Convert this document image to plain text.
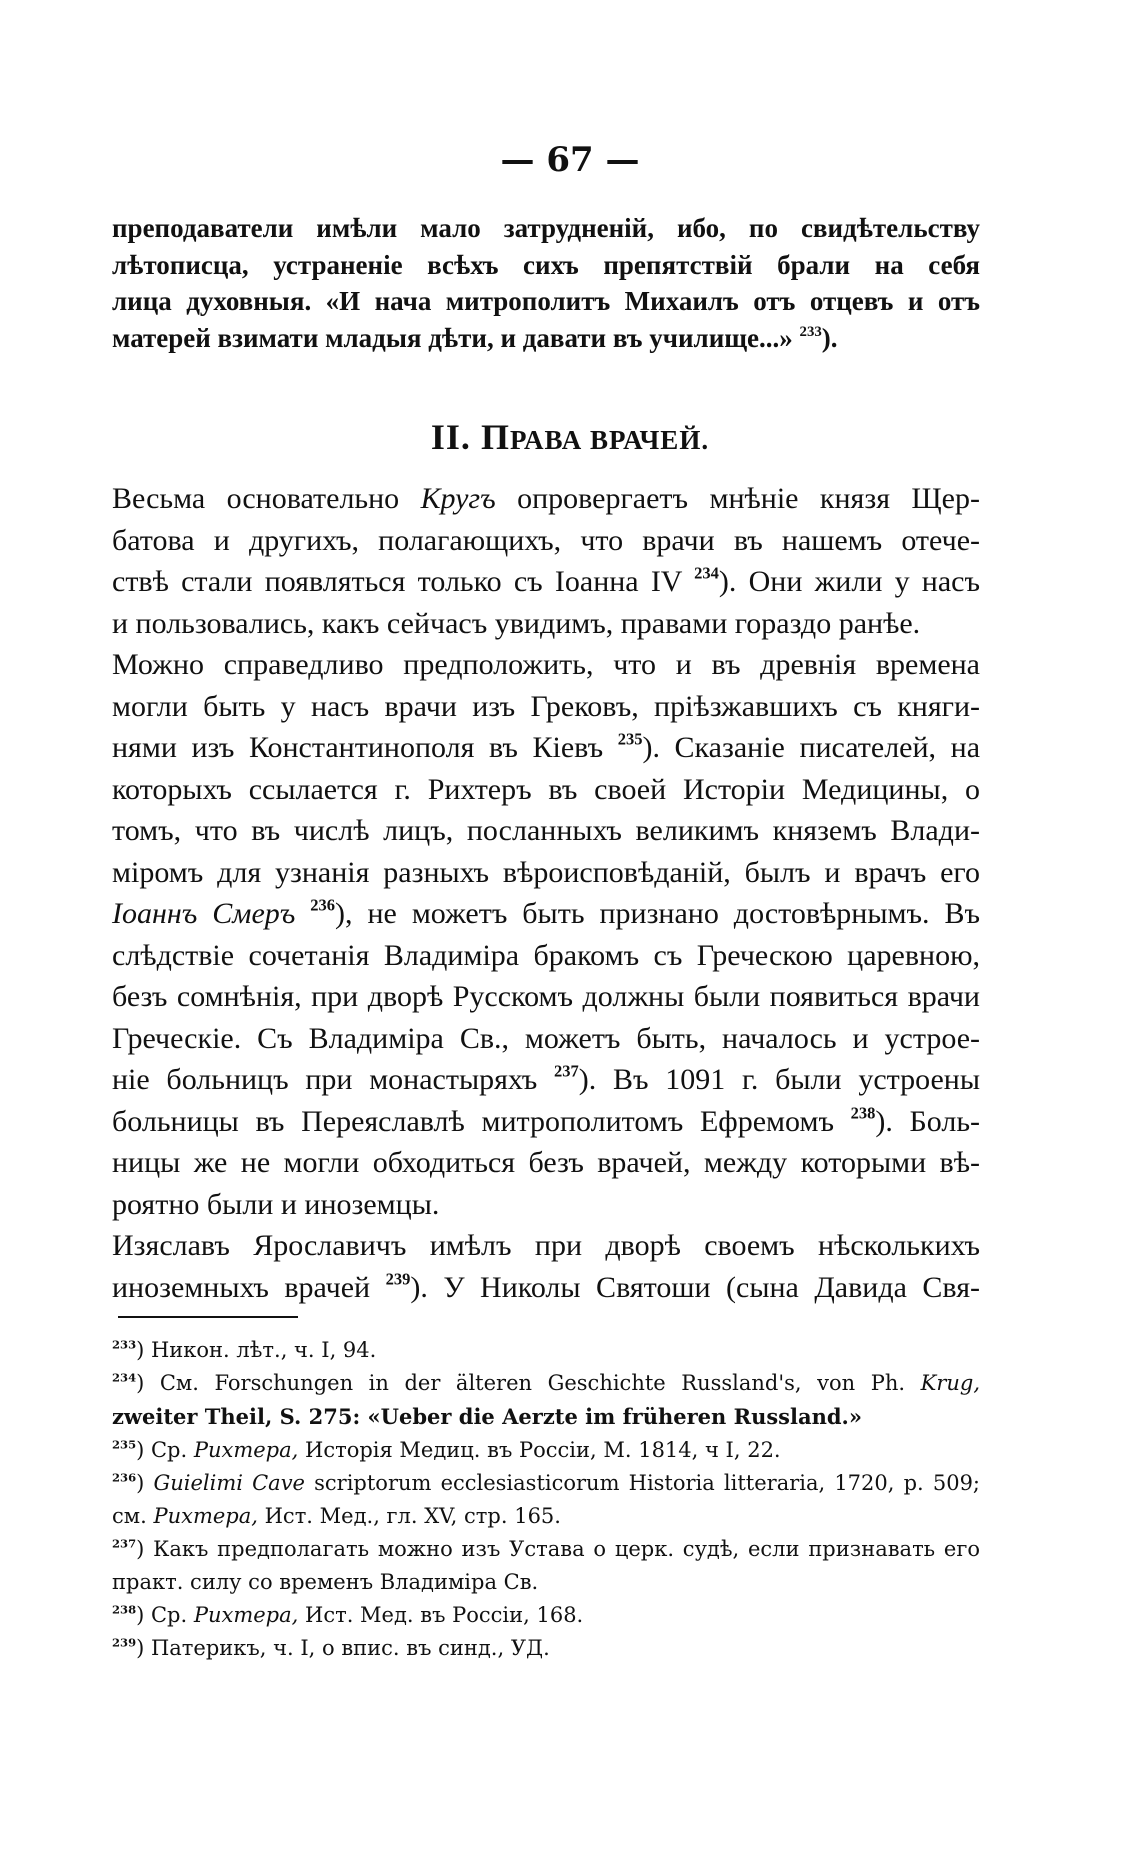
— 67 —
преподаватели имѣли мало затрудненій, ибо, по свидѣтельству
лѣтописца, устраненіе всѣхъ сихъ препятствій брали на себя
лица духовныя. «И нача митрополитъ Михаилъ отъ отцевъ и отъ
матерей взимати младыя дѣти, и давати въ училище...» $^{233}$).
II. ПРАВА ВРАЧЕЙ.
Весьма основательно Кругъ опровергаетъ мнѣніе князя Щер-
батова и другихъ, полагающихъ, что врачи въ нашемъ отече-
ствѣ стали появляться только съ Іоанна IV $^{234}$). Они жили у насъ
и пользовались, какъ сейчасъ увидимъ, правами гораздо ранѣе.
Можно справедливо предположить, что и въ древнія времена
могли быть у насъ врачи изъ Грековъ, пріѣзжавшихъ съ княги-
нями изъ Константинополя въ Кіевъ $^{235}$). Сказаніе писателей, на
которыхъ ссылается г. Рихтеръ въ своей Исторіи Медицины, о
томъ, что въ числѣ лицъ, посланныхъ великимъ княземъ Влади-
міромъ для узнанія разныхъ вѣроисповѣданій, былъ и врачъ его
Іоаннъ Смеръ $^{236}$), не можетъ быть признано достовѣрнымъ. Въ
слѣдствіе сочетанія Владиміра бракомъ съ Греческою царевною,
безъ сомнѣнія, при дворѣ Русскомъ должны были появиться врачи
Греческіе. Съ Владиміра Св., можетъ быть, началось и устрое-
ніе больницъ при монастыряхъ $^{237}$). Въ 1091 г. были устроены
больницы въ Переяславлѣ митрополитомъ Ефремомъ $^{238}$). Боль-
ницы же не могли обходиться безъ врачей, между которыми вѣ-
роятно были и иноземцы.
Изяславъ Ярославичъ имѣлъ при дворѣ своемъ нѣсколькихъ
иноземныхъ врачей $^{239}$). У Николы Святоши (сына Давида Свя-
$^{233}$) Никон. лѣт., ч. I, 94.
$^{234}$) См. Forschungen in der älteren Geschichte Russland's, von Ph. Krug,
zweiter Theil, S. 275: «Ueber die Aerzte im früheren Russland.»
$^{235}$) Ср. Рихтера, Исторія Медиц. въ Россіи, М. 1814, ч I, 22.
$^{236}$) Guielimi Cave scriptorum ecclesiasticorum Historia litteraria, 1720, p. 509;
см. Рихтера, Ист. Мед., гл. XV, стр. 165.
$^{237}$) Какъ предполагать можно изъ Устава о церк. судѣ, если признавать его
практ. силу со временъ Владиміра Св.
$^{238}$) Ср. Рихтера, Ист. Мед. въ Россіи, 168.
$^{239}$) Патерикъ, ч. I, о впис. въ синд., УД.
